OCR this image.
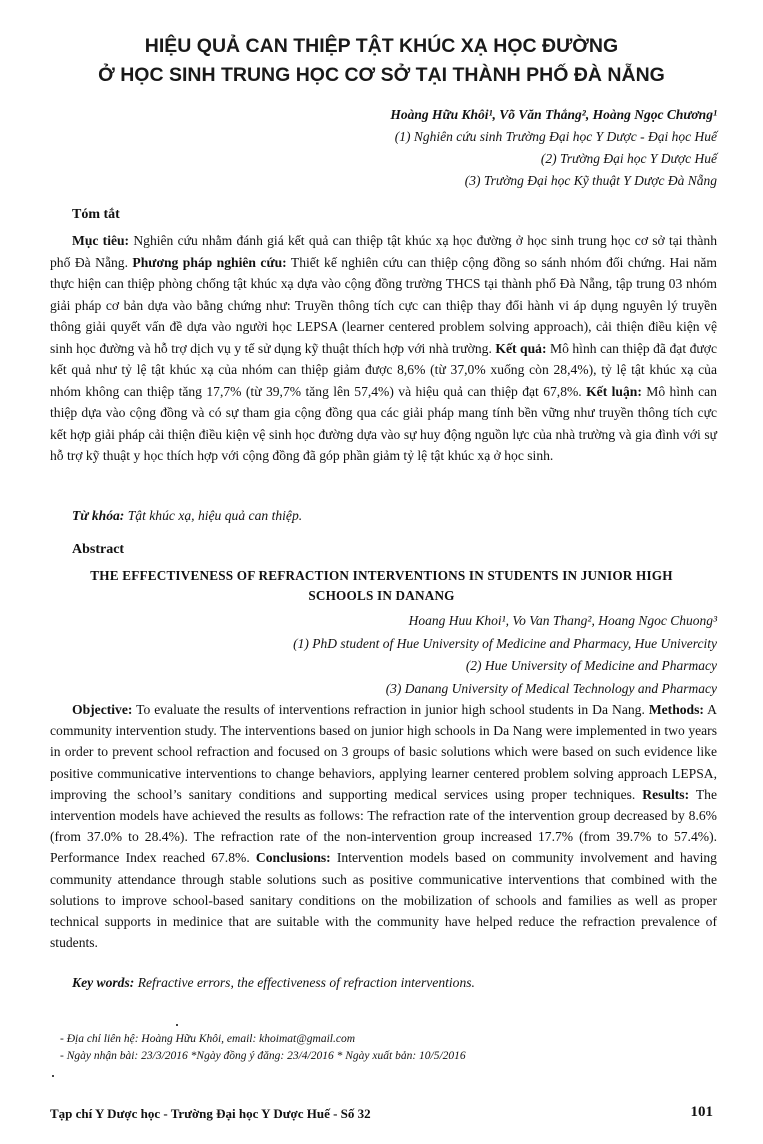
HIỆU QUẢ CAN THIỆP TẬT KHÚC XẠ HỌC ĐƯỜNG
Ở HỌC SINH TRUNG HỌC CƠ SỞ TẠI THÀNH PHỐ ĐÀ NẴNG
Hoàng Hữu Khôi¹, Võ Văn Thắng², Hoàng Ngọc Chương¹
(1) Nghiên cứu sinh Trường Đại học Y Dược - Đại học Huế
(2) Trường Đại học Y Dược Huế
(3) Trường Đại học Kỹ thuật Y Dược Đà Nẵng
Tóm tắt
Mục tiêu: Nghiên cứu nhằm đánh giá kết quả can thiệp tật khúc xạ học đường ở học sinh trung học cơ sở tại thành phố Đà Nẵng. Phương pháp nghiên cứu: Thiết kế nghiên cứu can thiệp cộng đồng so sánh nhóm đối chứng. Hai năm thực hiện can thiệp phòng chống tật khúc xạ dựa vào cộng đồng trường THCS tại thành phố Đà Nẵng, tập trung 03 nhóm giải pháp cơ bản dựa vào bằng chứng như: Truyền thông tích cực can thiệp thay đổi hành vi áp dụng nguyên lý truyền thông giải quyết vấn đề dựa vào người học LEPSA (learner centered problem solving approach), cải thiện điều kiện vệ sinh học đường và hỗ trợ dịch vụ y tế sử dụng kỹ thuật thích hợp với nhà trường. Kết quả: Mô hình can thiệp đã đạt được kết quả như tỷ lệ tật khúc xạ của nhóm can thiệp giảm được 8,6% (từ 37,0% xuống còn 28,4%), tỷ lệ tật khúc xạ của nhóm không can thiệp tăng 17,7% (từ 39,7% tăng lên 57,4%) và hiệu quả can thiệp đạt 67,8%. Kết luận: Mô hình can thiệp dựa vào cộng đồng và có sự tham gia cộng đồng qua các giải pháp mang tính bền vững như truyền thông tích cực kết hợp giải pháp cải thiện điều kiện vệ sinh học đường dựa vào sự huy động nguồn lực của nhà trường và gia đình với sự hỗ trợ kỹ thuật y học thích hợp với cộng đồng đã góp phần giảm tỷ lệ tật khúc xạ ở học sinh.
Từ khóa: Tật khúc xạ, hiệu quả can thiệp.
Abstract
THE EFFECTIVENESS OF REFRACTION INTERVENTIONS IN STUDENTS IN JUNIOR HIGH SCHOOLS IN DANANG
Hoang Huu Khoi¹, Vo Van Thang², Hoang Ngoc Chuong³
(1) PhD student of Hue University of Medicine and Pharmacy, Hue Univercity
(2) Hue University of Medicine and Pharmacy
(3) Danang University of Medical Technology and Pharmacy
Objective: To evaluate the results of interventions refraction in junior high school students in Da Nang. Methods: A community intervention study. The interventions based on junior high schools in Da Nang were implemented in two years in order to prevent school refraction and focused on 3 groups of basic solutions which were based on such evidence like positive communicative interventions to change behaviors, applying learner centered problem solving approach LEPSA, improving the school’s sanitary conditions and supporting medical services using proper techniques. Results: The intervention models have achieved the results as follows: The refraction rate of the intervention group decreased by 8.6% (from 37.0% to 28.4%). The refraction rate of the non-intervention group increased 17.7% (from 39.7% to 57.4%). Performance Index reached 67.8%. Conclusions: Intervention models based on community involvement and having community attendance through stable solutions such as positive communicative interventions that combined with the solutions to improve school-based sanitary conditions on the mobilization of schools and families as well as proper technical supports in medinice that are suitable with the community have helped reduce the refraction prevalence of students.
Key words: Refractive errors, the effectiveness of refraction interventions.
- Địa chỉ liên hệ: Hoàng Hữu Khôi, email: khoimat@gmail.com
- Ngày nhận bài: 23/3/2016 *Ngày đồng ý đăng: 23/4/2016 * Ngày xuất bản: 10/5/2016
Tạp chí Y Dược học - Trường Đại học Y Dược Huế - Số 32	101
